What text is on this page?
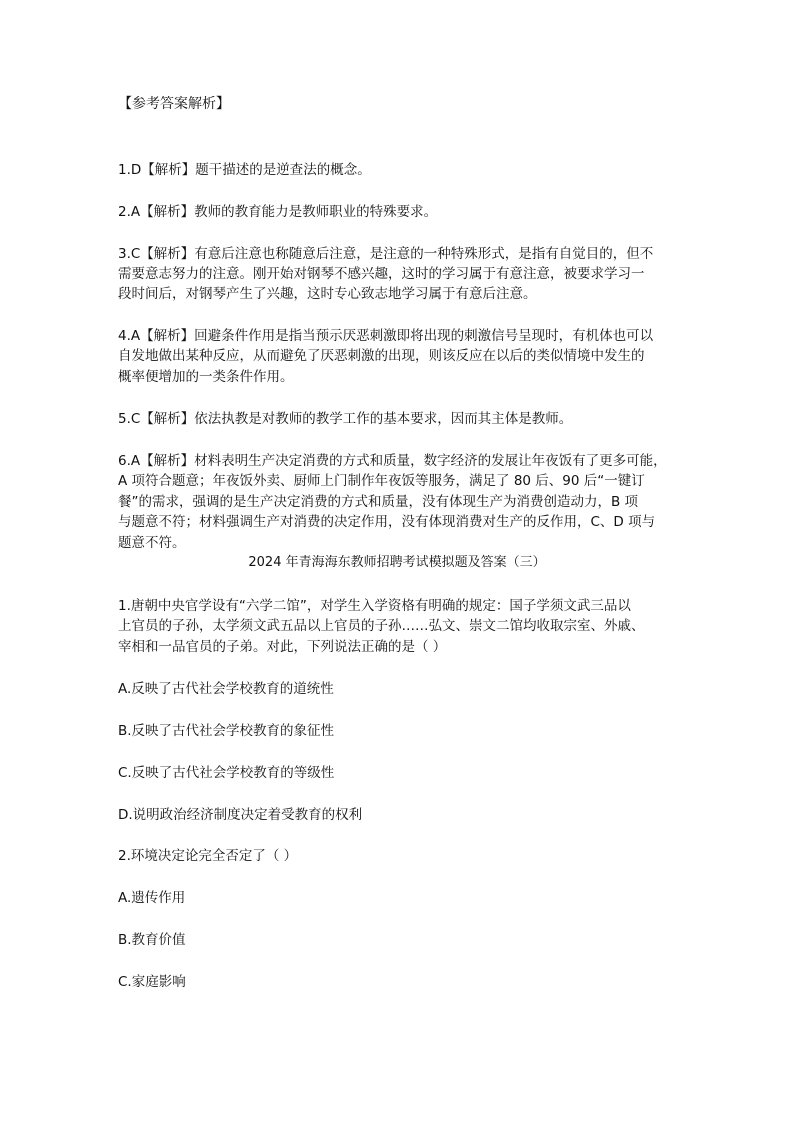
【参考答案解析】
1.D【解析】题干描述的是逆查法的概念。
2.A【解析】教师的教育能力是教师职业的特殊要求。
3.C【解析】有意后注意也称随意后注意，是注意的一种特殊形式，是指有自觉目的，但不
需要意志努力的注意。刚开始对钢琴不感兴趣，这时的学习属于有意注意，被要求学习一
段时间后，对钢琴产生了兴趣，这时专心致志地学习属于有意后注意。
4.A【解析】回避条件作用是指当预示厌恶刺激即将出现的刺激信号呈现时，有机体也可以
自发地做出某种反应，从而避免了厌恶刺激的出现，则该反应在以后的类似情境中发生的
概率便增加的一类条件作用。
5.C【解析】依法执教是对教师的教学工作的基本要求，因而其主体是教师。
6.A【解析】材料表明生产决定消费的方式和质量，数字经济的发展让年夜饭有了更多可能，
A 项符合题意；年夜饭外卖、厨师上门制作年夜饭等服务，满足了 80 后、90 后“一键订
餐”的需求，强调的是生产决定消费的方式和质量，没有体现生产为消费创造动力，B 项
与题意不符；材料强调生产对消费的决定作用，没有体现消费对生产的反作用，C、D 项与
题意不符。
2024 年青海海东教师招聘考试模拟题及答案（三）
1.唐朝中央官学设有“六学二馆”，对学生入学资格有明确的规定：国子学须文武三品以
上官员的子孙，太学须文武五品以上官员的子孙……弘文、崇文二馆均收取宗室、外戚、
宰相和一品官员的子弟。对此，下列说法正确的是（ ）
A.反映了古代社会学校教育的道统性
B.反映了古代社会学校教育的象征性
C.反映了古代社会学校教育的等级性
D.说明政治经济制度决定着受教育的权利
2.环境决定论完全否定了（ ）
A.遗传作用
B.教育价值
C.家庭影响
